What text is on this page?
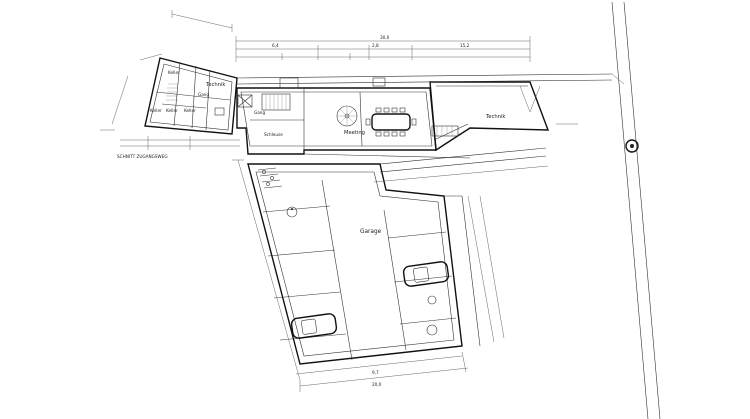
30,0
6,4	2,8	15,2
SCHNITT ZUGANGSWEG
Keller
Keller Keller Keller
Gang
Technik
Gang
Schleuse	Meeting
Technik
Garage
9,7
20,0
